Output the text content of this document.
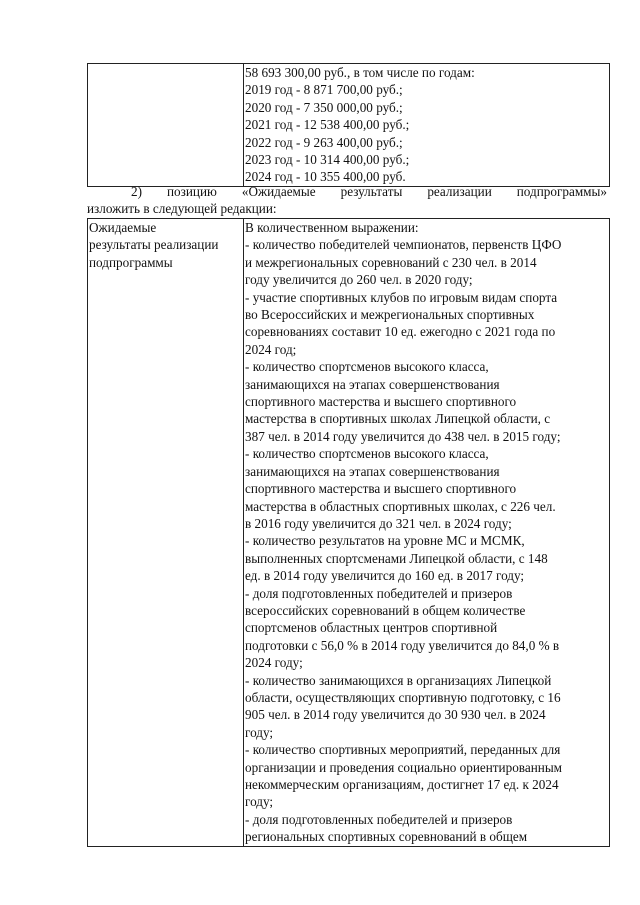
58 693 300,00 руб., в том числе по годам:
2019 год - 8 871 700,00 руб.;
2020 год - 7 350 000,00 руб.;
2021 год - 12 538 400,00 руб.;
2022 год - 9 263 400,00 руб.;
2023 год - 10 314 400,00 руб.;
2024 год - 10 355 400,00 руб.
2) позицию «Ожидаемые результаты реализации подпрограммы»
изложить в следующей редакции:
Ожидаемые
результаты реализации
подпрограммы

В количественном выражении:
- количество победителей чемпионатов, первенств ЦФО
и межрегиональных соревнований с 230 чел. в 2014
году увеличится до 260 чел. в 2020 году;
- участие спортивных клубов по игровым видам спорта
во Всероссийских и межрегиональных спортивных
соревнованиях составит 10 ед. ежегодно с 2021 года по
2024 год;
- количество спортсменов высокого класса,
занимающихся на этапах совершенствования
спортивного мастерства и высшего спортивного
мастерства в спортивных школах Липецкой области, с
387 чел. в 2014 году увеличится до 438 чел. в 2015 году;
- количество спортсменов высокого класса,
занимающихся на этапах совершенствования
спортивного мастерства и высшего спортивного
мастерства в областных спортивных школах, с 226 чел.
в 2016 году увеличится до 321 чел. в 2024 году;
- количество результатов на уровне МС и МСМК,
выполненных спортсменами Липецкой области, с 148
ед. в 2014 году увеличится до 160 ед. в 2017 году;
- доля подготовленных победителей и призеров
всероссийских соревнований в общем количестве
спортсменов областных центров спортивной
подготовки с 56,0 % в 2014 году увеличится до 84,0 % в
2024 году;
- количество занимающихся в организациях Липецкой
области, осуществляющих спортивную подготовку, с 16
905 чел. в 2014 году увеличится до 30 930 чел. в 2024
году;
- количество спортивных мероприятий, переданных для
организации и проведения социально ориентированным
некоммерческим организациям, достигнет 17 ед. к 2024
году;
- доля подготовленных победителей и призеров
региональных спортивных соревнований в общем
